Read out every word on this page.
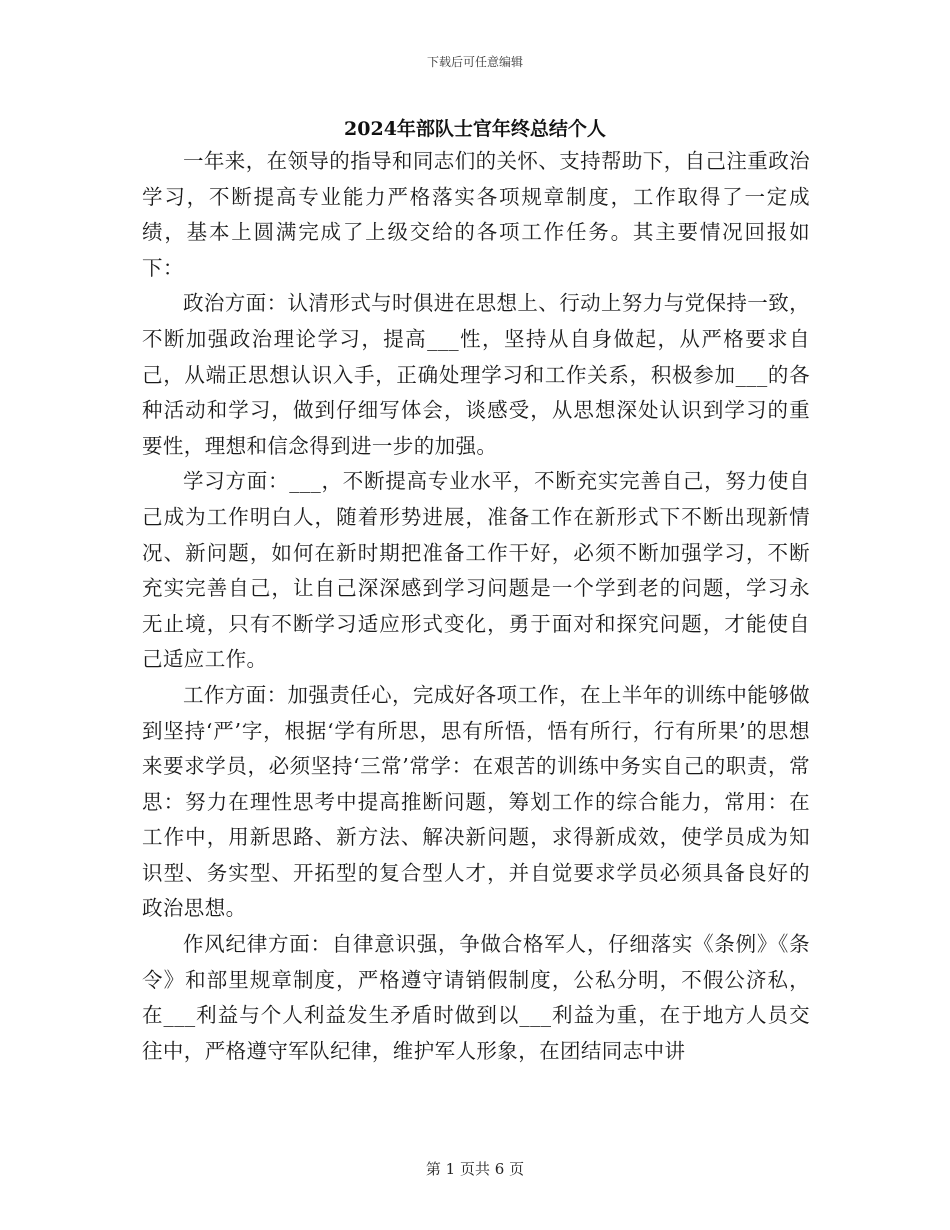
下载后可任意编辑
2024年部队士官年终总结个人

一年来，在领导的指导和同志们的关怀、支持帮助下，自己注重政治学习，不断提高专业能力严格落实各项规章制度，工作取得了一定成绩，基本上圆满完成了上级交给的各项工作任务。其主要情况回报如下：

政治方面：认清形式与时俱进在思想上、行动上努力与党保持一致，不断加强政治理论学习，提高___性，坚持从自身做起，从严格要求自己，从端正思想认识入手，正确处理学习和工作关系，积极参加___的各种活动和学习，做到仔细写体会，谈感受，从思想深处认识到学习的重要性，理想和信念得到进一步的加强。

学习方面：___，不断提高专业水平，不断充实完善自己，努力使自己成为工作明白人，随着形势进展，准备工作在新形式下不断出现新情况、新问题，如何在新时期把准备工作干好，必须不断加强学习，不断充实完善自己，让自己深深感到学习问题是一个学到老的问题，学习永无止境，只有不断学习适应形式变化，勇于面对和探究问题，才能使自己适应工作。

工作方面：加强责任心，完成好各项工作，在上半年的训练中能够做到坚持‘严’字，根据‘学有所思，思有所悟，悟有所行，行有所果’的思想来要求学员，必须坚持‘三常’常学：在艰苦的训练中务实自己的职责，常思：努力在理性思考中提高推断问题，筹划工作的综合能力，常用：在工作中，用新思路、新方法、解决新问题，求得新成效，使学员成为知识型、务实型、开拓型的复合型人才，并自觉要求学员必须具备良好的政治思想。

作风纪律方面：自律意识强，争做合格军人，仔细落实《条例》《条令》和部里规章制度，严格遵守请销假制度，公私分明，不假公济私，在___利益与个人利益发生矛盾时做到以___利益为重，在于地方人员交往中，严格遵守军队纪律，维护军人形象，在团结同志中讲

第 1 页共 6 页
